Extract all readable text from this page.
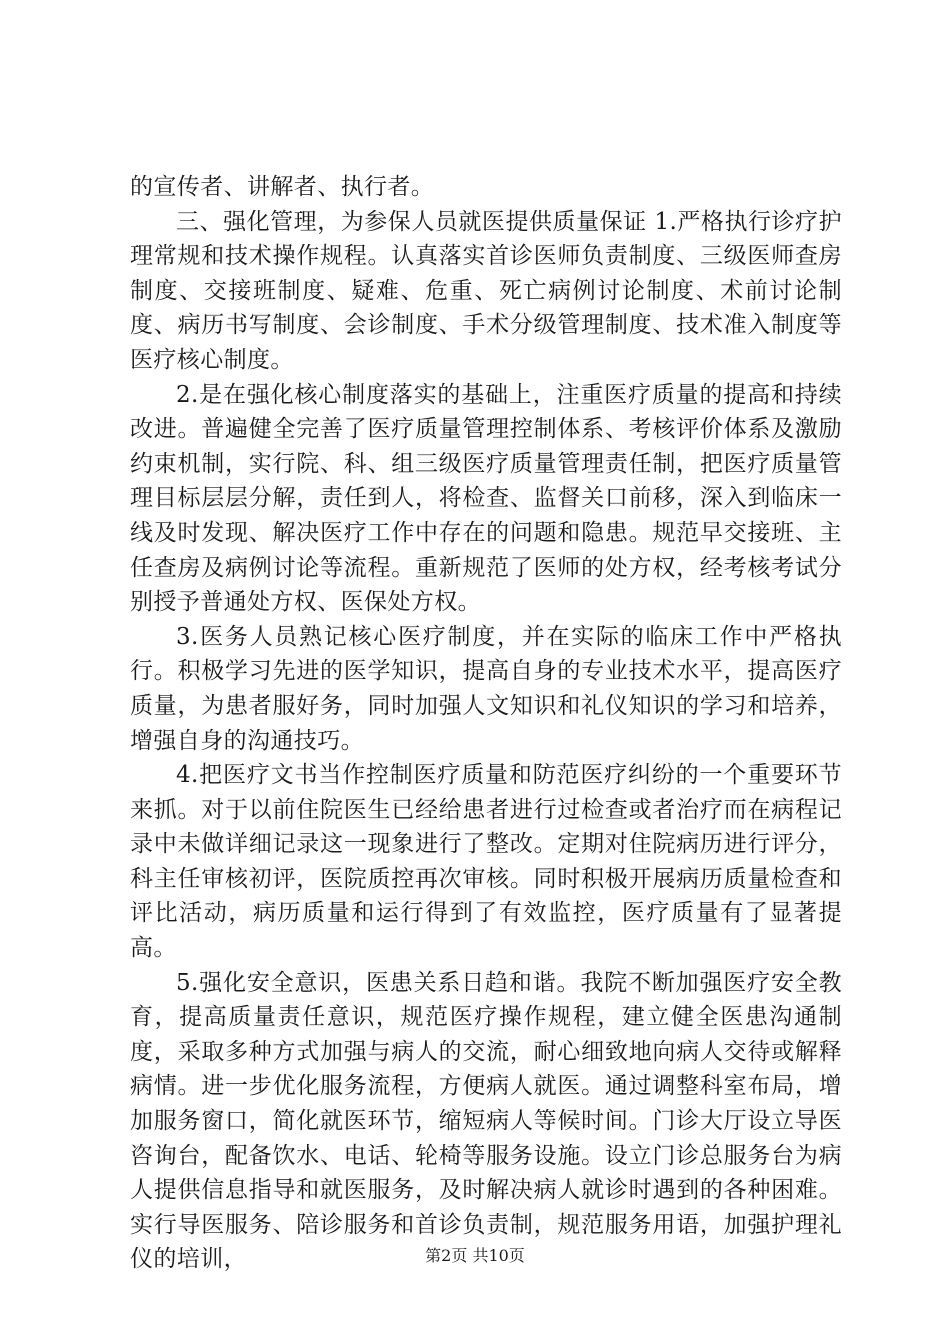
的宣传者、讲解者、执行者。

三、强化管理，为参保人员就医提供质量保证 1.严格执行诊疗护理常规和技术操作规程。认真落实首诊医师负责制度、三级医师查房制度、交接班制度、疑难、危重、死亡病例讨论制度、术前讨论制度、病历书写制度、会诊制度、手术分级管理制度、技术准入制度等医疗核心制度。

2.是在强化核心制度落实的基础上，注重医疗质量的提高和持续改进。普遍健全完善了医疗质量管理控制体系、考核评价体系及激励约束机制，实行院、科、组三级医疗质量管理责任制，把医疗质量管理目标层层分解，责任到人，将检查、监督关口前移，深入到临床一线及时发现、解决医疗工作中存在的问题和隐患。规范早交接班、主任查房及病例讨论等流程。重新规范了医师的处方权，经考核考试分别授予普通处方权、医保处方权。

3.医务人员熟记核心医疗制度，并在实际的临床工作中严格执行。积极学习先进的医学知识，提高自身的专业技术水平，提高医疗质量，为患者服好务，同时加强人文知识和礼仪知识的学习和培养，增强自身的沟通技巧。

4.把医疗文书当作控制医疗质量和防范医疗纠纷的一个重要环节来抓。对于以前住院医生已经给患者进行过检查或者治疗而在病程记录中未做详细记录这一现象进行了整改。定期对住院病历进行评分，科主任审核初评，医院质控再次审核。同时积极开展病历质量检查和评比活动，病历质量和运行得到了有效监控，医疗质量有了显著提高。

5.强化安全意识，医患关系日趋和谐。我院不断加强医疗安全教育，提高质量责任意识，规范医疗操作规程，建立健全医患沟通制度，采取多种方式加强与病人的交流，耐心细致地向病人交待或解释病情。进一步优化服务流程，方便病人就医。通过调整科室布局，增加服务窗口，简化就医环节，缩短病人等候时间。门诊大厅设立导医咨询台，配备饮水、电话、轮椅等服务设施。设立门诊总服务台为病人提供信息指导和就医服务，及时解决病人就诊时遇到的各种困难。实行导医服务、陪诊服务和首诊负责制，规范服务用语，加强护理礼仪的培训，	第2页 共10页
